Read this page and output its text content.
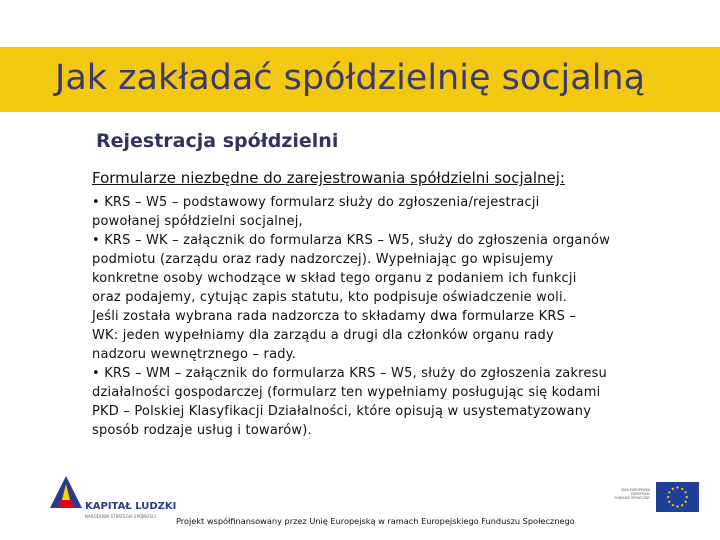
Jak zakładać spółdzielnię socjalną
Rejestracja spółdzielni
Formularze niezbędne do zarejestrowania spółdzielni socjalnej:
• KRS – W5 – podstawowy formularz służy do zgłoszenia/rejestracji
powołanej spółdzielni socjalnej,
• KRS – WK – załącznik do formularza KRS – W5, służy do zgłoszenia organów
podmiotu (zarządu oraz rady nadzorczej). Wypełniając go wpisujemy
konkretne osoby wchodzące w skład tego organu z podaniem ich funkcji
oraz podajemy, cytując zapis statutu, kto podpisuje oświadczenie woli.
Jeśli została wybrana rada nadzorcza to składamy dwa formularze KRS –
WK: jeden wypełniamy dla zarządu a drugi dla członków organu rady
nadzoru wewnętrznego – rady.
• KRS – WM – załącznik do formularza KRS – W5, służy do zgłoszenia zakresu
działalności gospodarczej (formularz ten wypełniamy posługując się kodami
PKD – Polskiej Klasyfikacji Działalności, które opisują w usystematyzowany
sposób rodzaje usług i towarów).
KAPITAŁ LUDZKI
NARODOWA STRATEGIA SPÓJNOŚCI Projekt współfinansowany przez Unię Europejską w ramach Europejskiego Funduszu Społecznego
UNIA EUROPEJSKA
EUROPEJSKI
FUNDUSZ SPOŁECZNY
